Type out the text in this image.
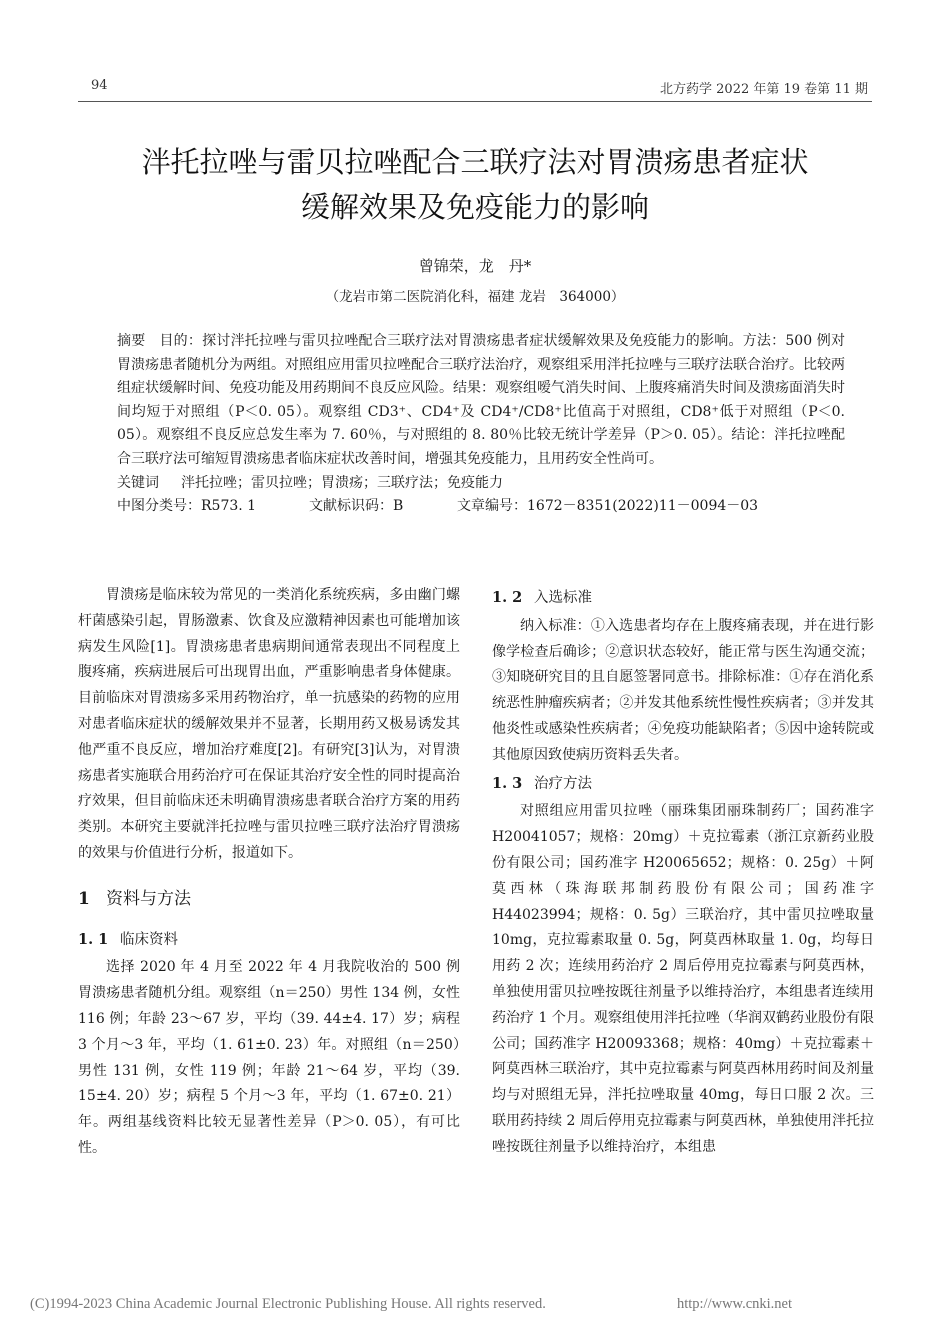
94	北方药学 2022 年第 19 卷第 11 期
泮托拉唑与雷贝拉唑配合三联疗法对胃溃疡患者症状
缓解效果及免疫能力的影响
曾锦荣，龙　丹*
（龙岩市第二医院消化科，福建 龙岩　364000）

摘要 目的：探讨泮托拉唑与雷贝拉唑配合三联疗法对胃溃疡患者症状缓解效果及免疫能力的影响。方法：500 例对胃溃疡患者随机分为两组。对照组应用雷贝拉唑配合三联疗法治疗，观察组采用泮托拉唑与三联疗法联合治疗。比较两组症状缓解时间、免疫功能及用药期间不良反应风险。结果：观察组嗳气消失时间、上腹疼痛消失时间及溃疡面消失时间均短于对照组（P＜0. 05）。观察组 CD3⁺、CD4⁺及 CD4⁺/CD8⁺比值高于对照组，CD8⁺低于对照组（P＜0. 05）。观察组不良反应总发生率为 7. 60％，与对照组的 8. 80％比较无统计学差异（P＞0. 05）。结论：泮托拉唑配合三联疗法可缩短胃溃疡患者临床症状改善时间，增强其免疫能力，且用药安全性尚可。

关键词 泮托拉唑；雷贝拉唑；胃溃疡；三联疗法；免疫能力

中图分类号：R573. 1	文献标识码：B	文章编号：1672－8351(2022)11－0094－03

胃溃疡是临床较为常见的一类消化系统疾病，多由幽门螺杆菌感染引起，胃肠激素、饮食及应激精神因素也可能增加该病发生风险[1]。胃溃疡患者患病期间通常表现出不同程度上腹疼痛，疾病进展后可出现胃出血，严重影响患者身体健康。目前临床对胃溃疡多采用药物治疗，单一抗感染的药物的应用对患者临床症状的缓解效果并不显著，长期用药又极易诱发其他严重不良反应，增加治疗难度[2]。有研究[3]认为，对胃溃疡患者实施联合用药治疗可在保证其治疗安全性的同时提高治疗效果，但目前临床还未明确胃溃疡患者联合治疗方案的用药类别。本研究主要就泮托拉唑与雷贝拉唑三联疗法治疗胃溃疡的效果与价值进行分析，报道如下。

1 资料与方法
1. 1 临床资料

选择 2020 年 4 月至 2022 年 4 月我院收治的 500 例胃溃疡患者随机分组。观察组（n＝250）男性 134 例，女性 116 例；年龄 23～67 岁，平均（39. 44±4. 17）岁；病程 3 个月～3 年，平均（1. 61±0. 23）年。对照组（n＝250）男性 131 例，女性 119 例；年龄 21～64 岁，平均（39. 15±4. 20）岁；病程 5 个月～3 年，平均（1. 67±0. 21）年。两组基线资料比较无显著性差异（P＞0. 05），有可比性。

1. 2 入选标准

纳入标准：①入选患者均存在上腹疼痛表现，并在进行影像学检查后确诊；②意识状态较好，能正常与医生沟通交流；③知晓研究目的且自愿签署同意书。排除标准：①存在消化系统恶性肿瘤疾病者；②并发其他系统性慢性疾病者；③并发其他炎性或感染性疾病者；④免疫功能缺陷者；⑤因中途转院或其他原因致使病历资料丢失者。

1. 3 治疗方法

对照组应用雷贝拉唑（丽珠集团丽珠制药厂；国药准字 H20041057；规格：20mg）＋克拉霉素（浙江京新药业股份有限公司；国药准字 H20065652；规格：0. 25g）＋阿莫西林（珠海联邦制药股份有限公司；国药准字 H44023994；规格：0. 5g）三联治疗，其中雷贝拉唑取量 10mg，克拉霉素取量 0. 5g，阿莫西林取量 1. 0g，均每日用药 2 次；连续用药治疗 2 周后停用克拉霉素与阿莫西林，单独使用雷贝拉唑按既往剂量予以维持治疗，本组患者连续用药治疗 1 个月。观察组使用泮托拉唑（华润双鹤药业股份有限公司；国药准字 H20093368；规格：40mg）＋克拉霉素＋阿莫西林三联治疗，其中克拉霉素与阿莫西林用药时间及剂量均与对照组无异，泮托拉唑取量 40mg，每日口服 2 次。三联用药持续 2 周后停用克拉霉素与阿莫西林，单独使用泮托拉唑按既往剂量予以维持治疗，本组患

(C)1994-2023 China Academic Journal Electronic Publishing House. All rights reserved.	http://www.cnki.net
